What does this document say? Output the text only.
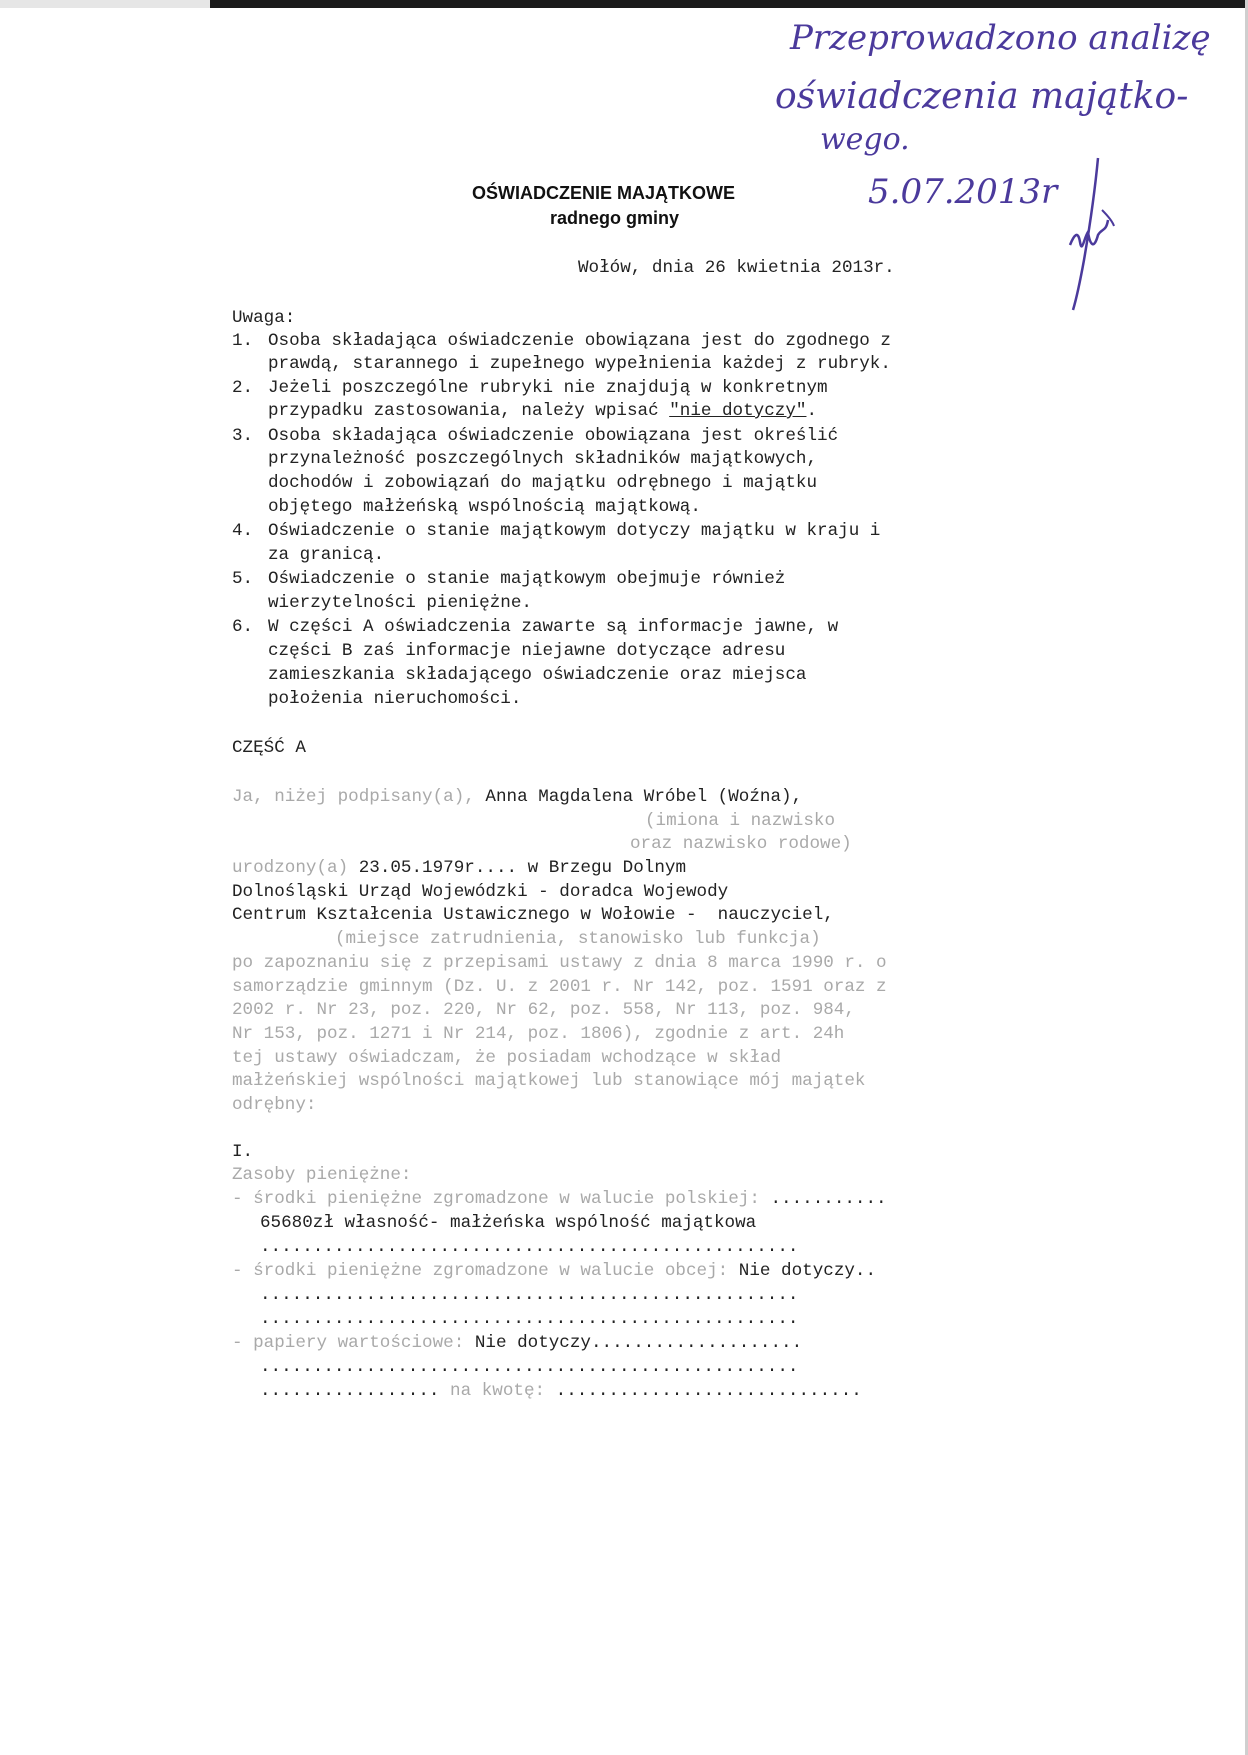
Przeprowadzono analizę
oświadczenia majątko-
wego.
5.07.2013r
OŚWIADCZENIE MAJĄTKOWE
radnego gminy
Wołów, dnia 26 kwietnia 2013r.
Uwaga:
1. Osoba składająca oświadczenie obowiązana jest do zgodnego z
prawdą, starannego i zupełnego wypełnienia każdej z rubryk.
2. Jeżeli poszczególne rubryki nie znajdują w konkretnym
przypadku zastosowania, należy wpisać "nie dotyczy".
3. Osoba składająca oświadczenie obowiązana jest określić
przynależność poszczególnych składników majątkowych,
dochodów i zobowiązań do majątku odrębnego i majątku
objętego małżeńską wspólnością majątkową.
4. Oświadczenie o stanie majątkowym dotyczy majątku w kraju i
za granicą.
5. Oświadczenie o stanie majątkowym obejmuje również
wierzytelności pieniężne.
6. W części A oświadczenia zawarte są informacje jawne, w
części B zaś informacje niejawne dotyczące adresu
zamieszkania składającego oświadczenie oraz miejsca
położenia nieruchomości.
CZĘŚĆ A
Ja, niżej podpisany(a), Anna Magdalena Wróbel (Woźna),
(imiona i nazwisko
oraz nazwisko rodowe)
urodzony(a) 23.05.1979r.... w Brzegu Dolnym
Dolnośląski Urząd Wojewódzki - doradca Wojewody
Centrum Kształcenia Ustawicznego w Wołowie -  nauczyciel,
(miejsce zatrudnienia, stanowisko lub funkcja)
po zapoznaniu się z przepisami ustawy z dnia 8 marca 1990 r. o
samorządzie gminnym (Dz. U. z 2001 r. Nr 142, poz. 1591 oraz z
2002 r. Nr 23, poz. 220, Nr 62, poz. 558, Nr 113, poz. 984,
Nr 153, poz. 1271 i Nr 214, poz. 1806), zgodnie z art. 24h
tej ustawy oświadczam, że posiadam wchodzące w skład
małżeńskiej wspólności majątkowej lub stanowiące mój majątek
odrębny:
I.
Zasoby pieniężne:
- środki pieniężne zgromadzone w walucie polskiej: ...........
65680zł własność- małżeńska wspólność majątkowa
...................................................
- środki pieniężne zgromadzone w walucie obcej: Nie dotyczy..
...................................................
...................................................
- papiery wartościowe: Nie dotyczy....................
...................................................
................. na kwotę: .............................
